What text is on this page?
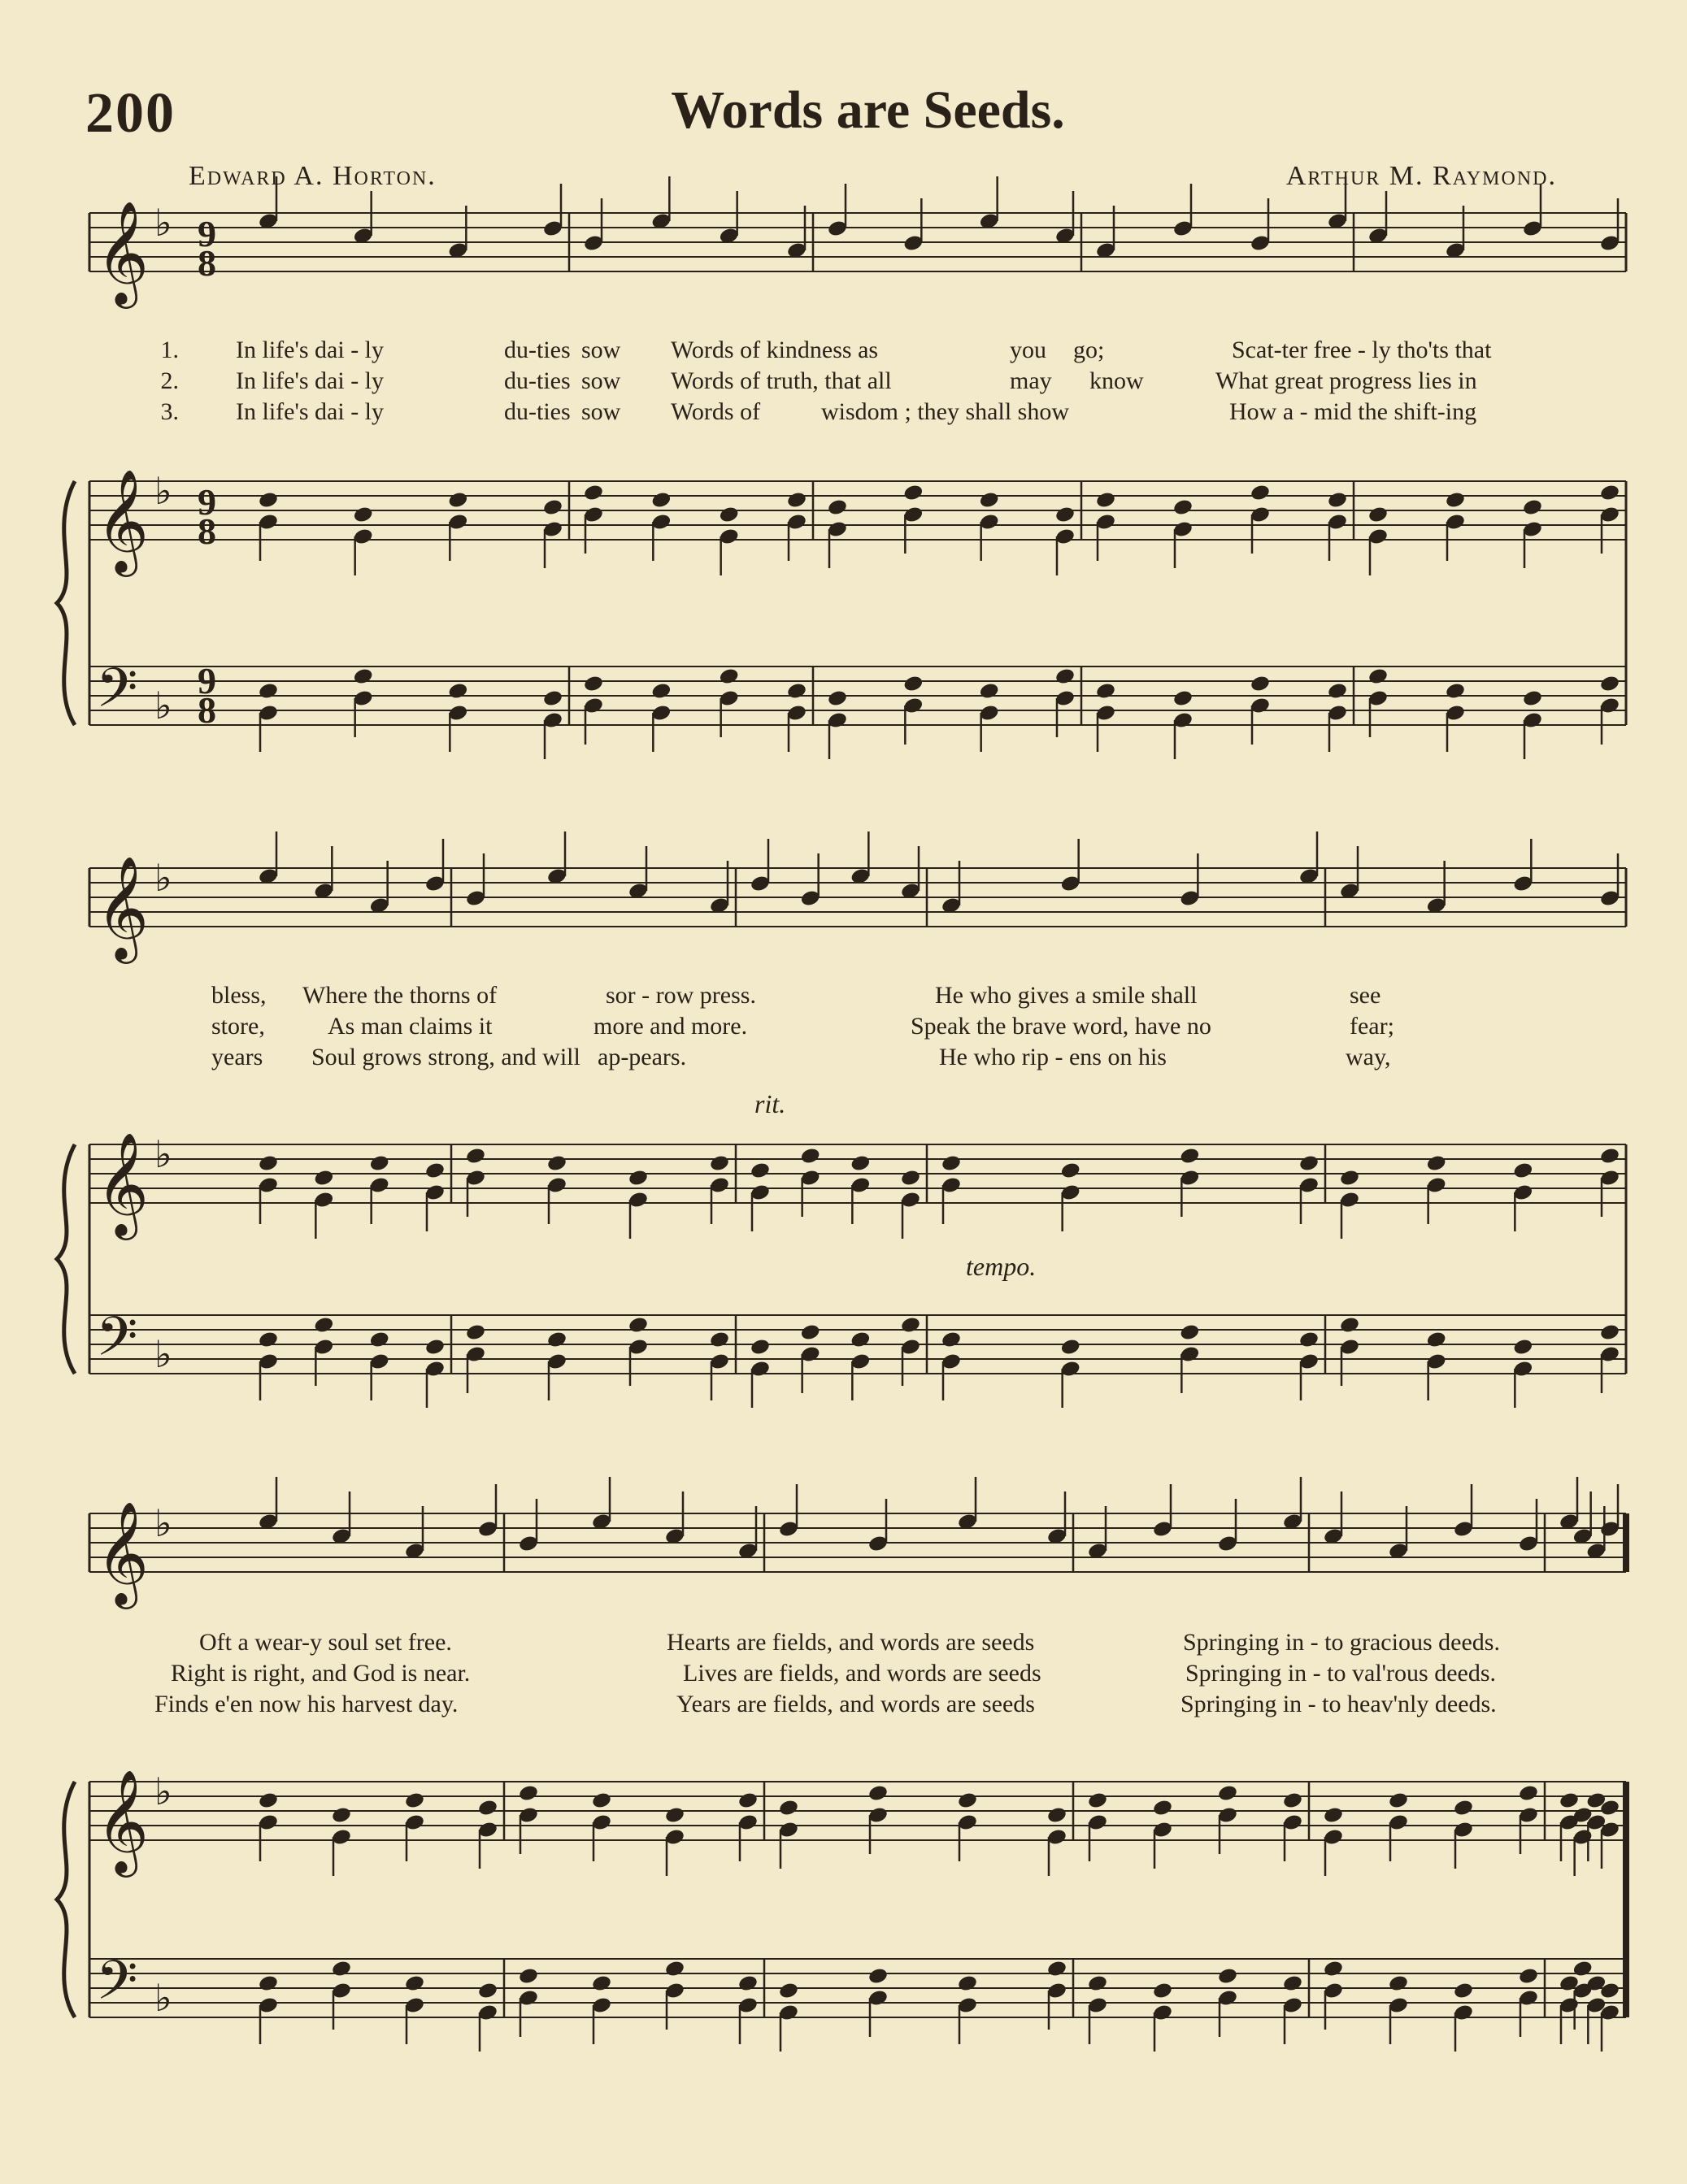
200	Words are Seeds.
Edward A. Horton.	Arthur M. Raymond.
𝄞
𝄞
𝄢
♭
♭
♭
𝄞
𝄞
𝄢
♭
♭
♭
𝄞
𝄞
𝄢
♭
♭
♭
1. In life's dai - ly	du-ties sow Words of kindness as	you go;	Scat-ter free - ly tho'ts that
2. In life's dai - ly	du-ties sow Words of truth, that all	may know	What great progress lies in
3. In life's dai - ly	du-ties sow Words of wisdom ; they shall show	How a - mid the shift-ing
bless, Where the thorns of	sor - row press.	He who gives a smile shall	see
store,	As man claims it	more and more.	Speak the brave word, have no	fear;
years Soul grows strong, and will ap-pears.	He who rip - ens on his	way,
Oft a wear-y soul set free.	Hearts are fields, and words are seeds	Springing in - to gracious deeds.
Right is right, and God is near.	Lives are fields, and words are seeds	Springing in - to val'rous deeds.
Finds e'en now his harvest day.	Years are fields, and words are seeds	Springing in - to heav'nly deeds.
rit.
tempo.
9
8
9
8
9
8
